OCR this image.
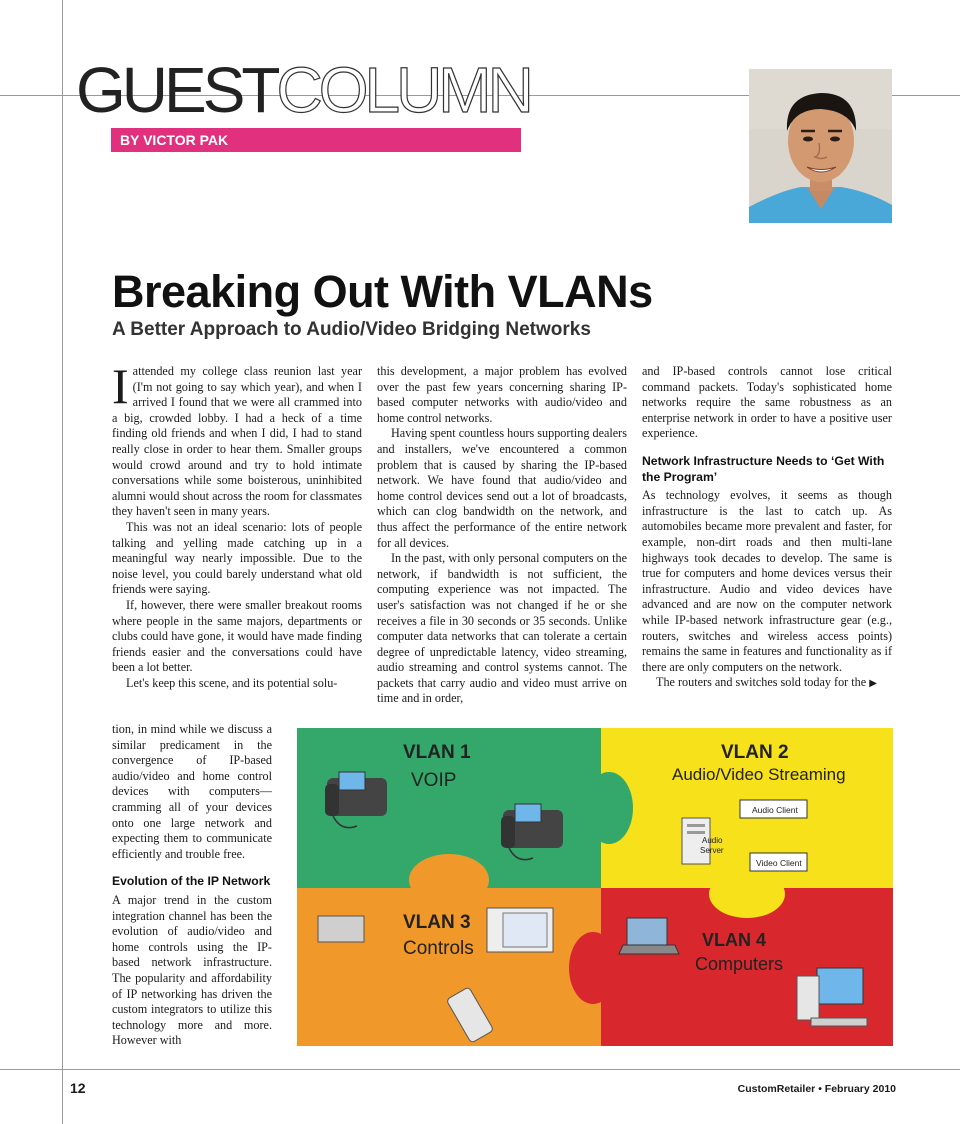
GUESTCOLUMN
BY VICTOR PAK
Breaking Out With VLANs
A Better Approach to Audio/Video Bridging Networks

Iattended my college class reunion last year (I'm not going to say which year), and when I arrived I found that we were all crammed into a big, crowded lobby. I had a heck of a time finding old friends and when I did, I had to stand really close in order to hear them. Smaller groups would crowd around and try to hold intimate conversations while some boisterous, uninhibited alumni would shout across the room for classmates they haven't seen in many years.

This was not an ideal scenario: lots of people talking and yelling made catching up in a meaningful way nearly impossible. Due to the noise level, you could barely understand what old friends were saying.

If, however, there were smaller breakout rooms where people in the same majors, departments or clubs could have gone, it would have made finding friends easier and the conversations could have been a lot better.

Let's keep this scene, and its potential solu-

tion, in mind while we discuss a similar predicament in the convergence of IP-based audio/video and home control devices with computers—cramming all of your devices onto one large network and expecting them to communicate efficiently and trouble free.

Evolution of the IP Network

A major trend in the custom integration channel has been the evolution of audio/video and home controls using the IP-based network infrastructure. The popularity and affordability of IP networking has driven the custom integrators to utilize this technology more and more. However with

this development, a major problem has evolved over the past few years concerning sharing IP-based computer networks with audio/video and home control networks.

Having spent countless hours supporting dealers and installers, we've encountered a common problem that is caused by sharing the IP-based network. We have found that audio/video and home control devices send out a lot of broadcasts, which can clog bandwidth on the network, and thus affect the performance of the entire network for all devices.

In the past, with only personal computers on the network, if bandwidth is not sufficient, the computing experience was not impacted. The user's satisfaction was not changed if he or she receives a file in 30 seconds or 35 seconds. Unlike computer data networks that can tolerate a certain degree of unpredictable latency, video streaming, audio streaming and control systems cannot. The packets that carry audio and video must arrive on time and in order,

and IP-based controls cannot lose critical command packets. Today's sophisticated home networks require the same robustness as an enterprise network in order to have a positive user experience.

Network Infrastructure Needs to ‘Get With the Program’

As technology evolves, it seems as though infrastructure is the last to catch up. As automobiles became more prevalent and faster, for example, non-dirt roads and then multi-lane highways took decades to develop. The same is true for computers and home devices versus their infrastructure. Audio and video devices have advanced and are now on the computer network while IP-based network infrastructure gear (e.g., routers, switches and wireless access points) remains the same in features and functionality as if there are only computers on the network.

The routers and switches sold today for the ▶

VLAN 1
VOIP
VLAN 2
Audio/Video Streaming
VLAN 3
Controls	VLAN 4
Computers
Audio Client
Audio
Server
Video Client
12	CustomRetailer • February 2010
